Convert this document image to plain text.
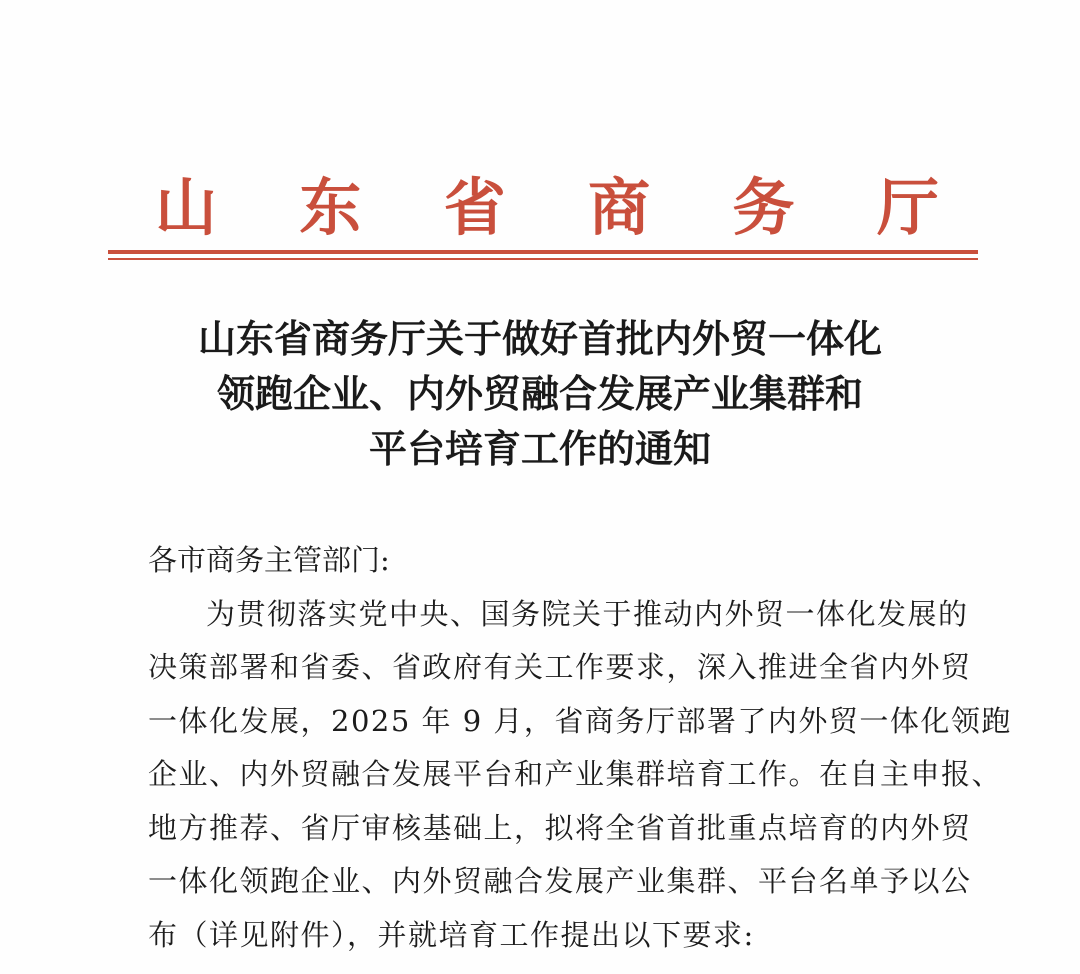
山 东 省 商 务 厅
山东省商务厅关于做好首批内外贸一体化
领跑企业、内外贸融合发展产业集群和
平台培育工作的通知
各市商务主管部门:
为贯彻落实党中央、国务院关于推动内外贸一体化发展的
决策部署和省委、省政府有关工作要求，深入推进全省内外贸
一体化发展，2025 年 9 月，省商务厅部署了内外贸一体化领跑
企业、内外贸融合发展平台和产业集群培育工作。在自主申报、
地方推荐、省厅审核基础上，拟将全省首批重点培育的内外贸
一体化领跑企业、内外贸融合发展产业集群、平台名单予以公
布（详见附件），并就培育工作提出以下要求:
